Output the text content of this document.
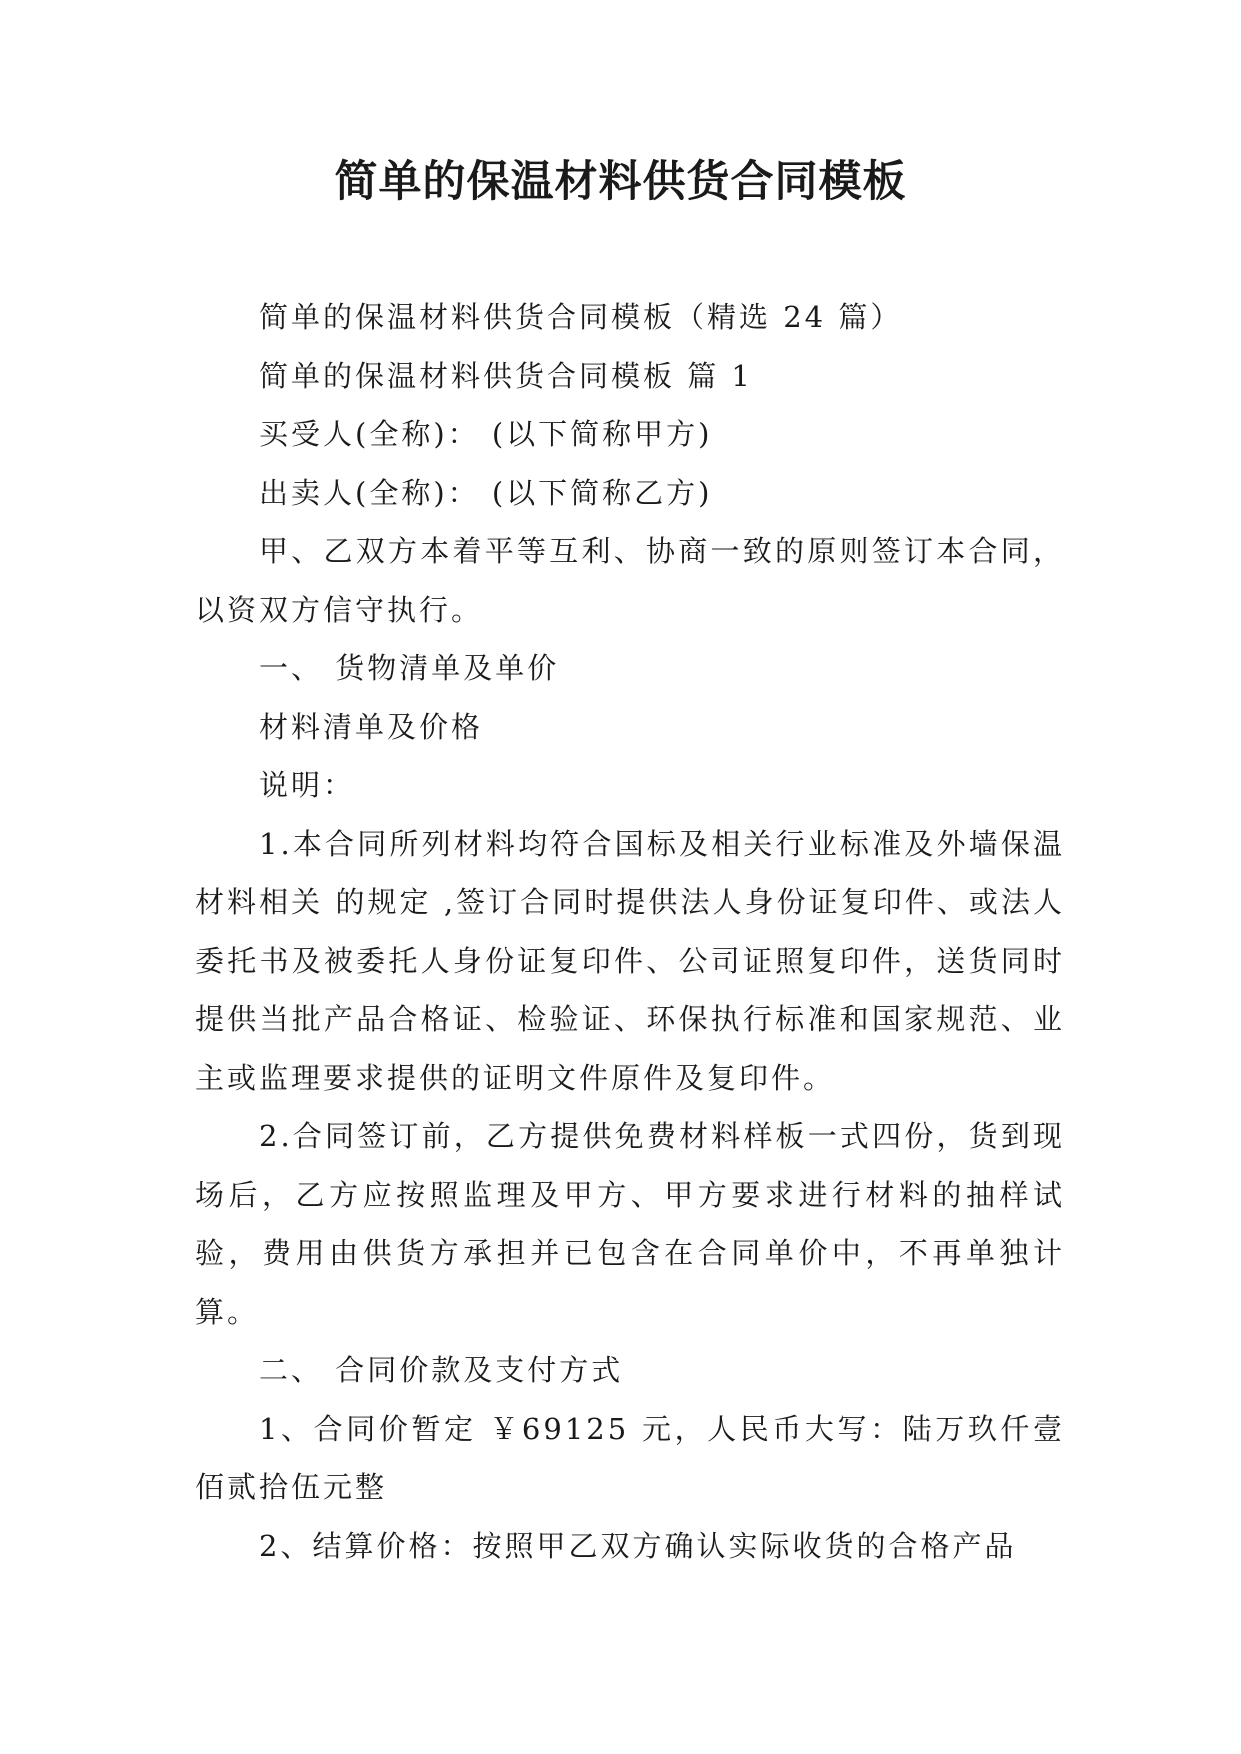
简单的保温材料供货合同模板

简单的保温材料供货合同模板（精选 24 篇）

简单的保温材料供货合同模板 篇 1

买受人(全称)： (以下简称甲方)

出卖人(全称)： (以下简称乙方)

甲、乙双方本着平等互利、协商一致的原则签订本合同，以资双方信守执行。

一、 货物清单及单价

材料清单及价格

说明：

1.本合同所列材料均符合国标及相关行业标准及外墙保温材料相关 的规定 ,签订合同时提供法人身份证复印件、或法人委托书及被委托人身份证复印件、公司证照复印件，送货同时提供当批产品合格证、检验证、环保执行标准和国家规范、业主或监理要求提供的证明文件原件及复印件。

2.合同签订前，乙方提供免费材料样板一式四份，货到现场后，乙方应按照监理及甲方、甲方要求进行材料的抽样试验，费用由供货方承担并已包含在合同单价中，不再单独计算。

二、 合同价款及支付方式

1、合同价暂定 ￥69125 元，人民币大写：陆万玖仟壹佰贰拾伍元整

2、结算价格：按照甲乙双方确认实际收货的合格产品
